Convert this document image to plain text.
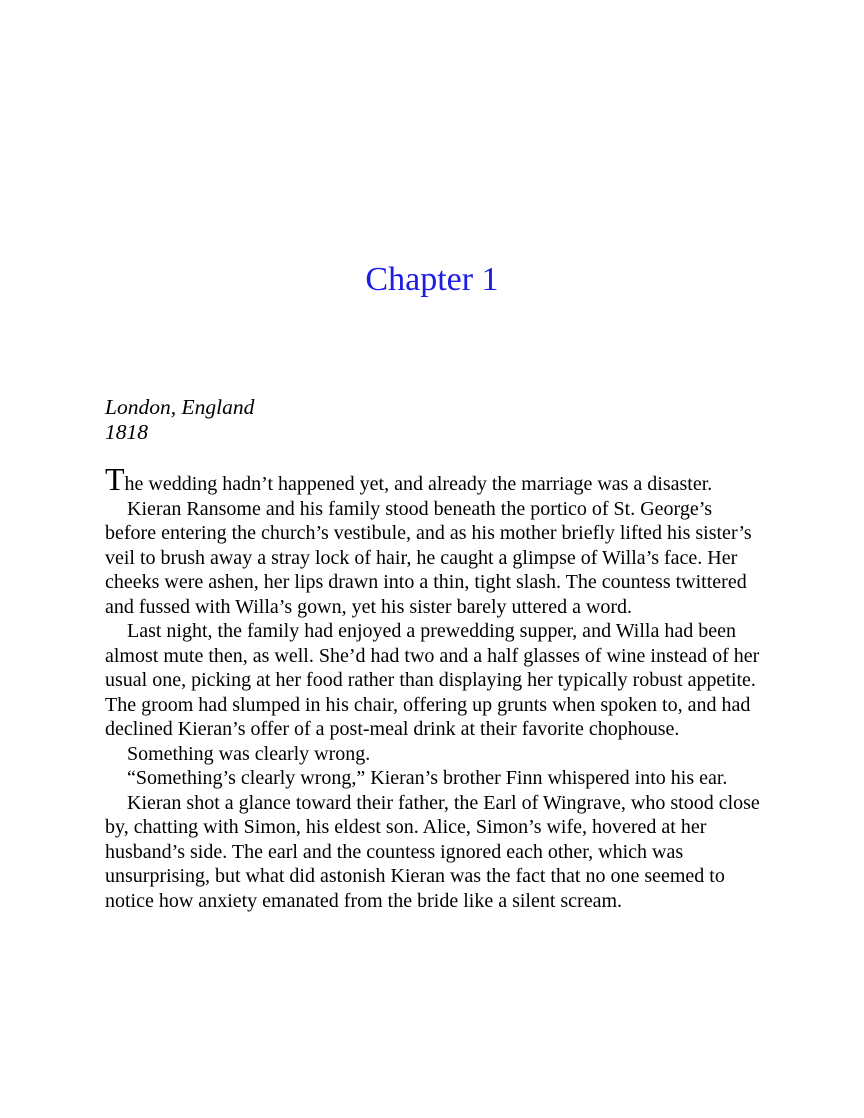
Chapter 1
London, England
1818

The wedding hadn’t happened yet, and already the marriage was a disaster.

Kieran Ransome and his family stood beneath the portico of St. George’s before entering the church’s vestibule, and as his mother briefly lifted his sister’s veil to brush away a stray lock of hair, he caught a glimpse of Willa’s face. Her cheeks were ashen, her lips drawn into a thin, tight slash. The countess twittered and fussed with Willa’s gown, yet his sister barely uttered a word.

Last night, the family had enjoyed a prewedding supper, and Willa had been almost mute then, as well. She’d had two and a half glasses of wine instead of her usual one, picking at her food rather than displaying her typically robust appetite. The groom had slumped in his chair, offering up grunts when spoken to, and had declined Kieran’s offer of a post-meal drink at their favorite chophouse.

Something was clearly wrong.

“Something’s clearly wrong,” Kieran’s brother Finn whispered into his ear.

Kieran shot a glance toward their father, the Earl of Wingrave, who stood close by, chatting with Simon, his eldest son. Alice, Simon’s wife, hovered at her husband’s side. The earl and the countess ignored each other, which was unsurprising, but what did astonish Kieran was the fact that no one seemed to notice how anxiety emanated from the bride like a silent scream.
